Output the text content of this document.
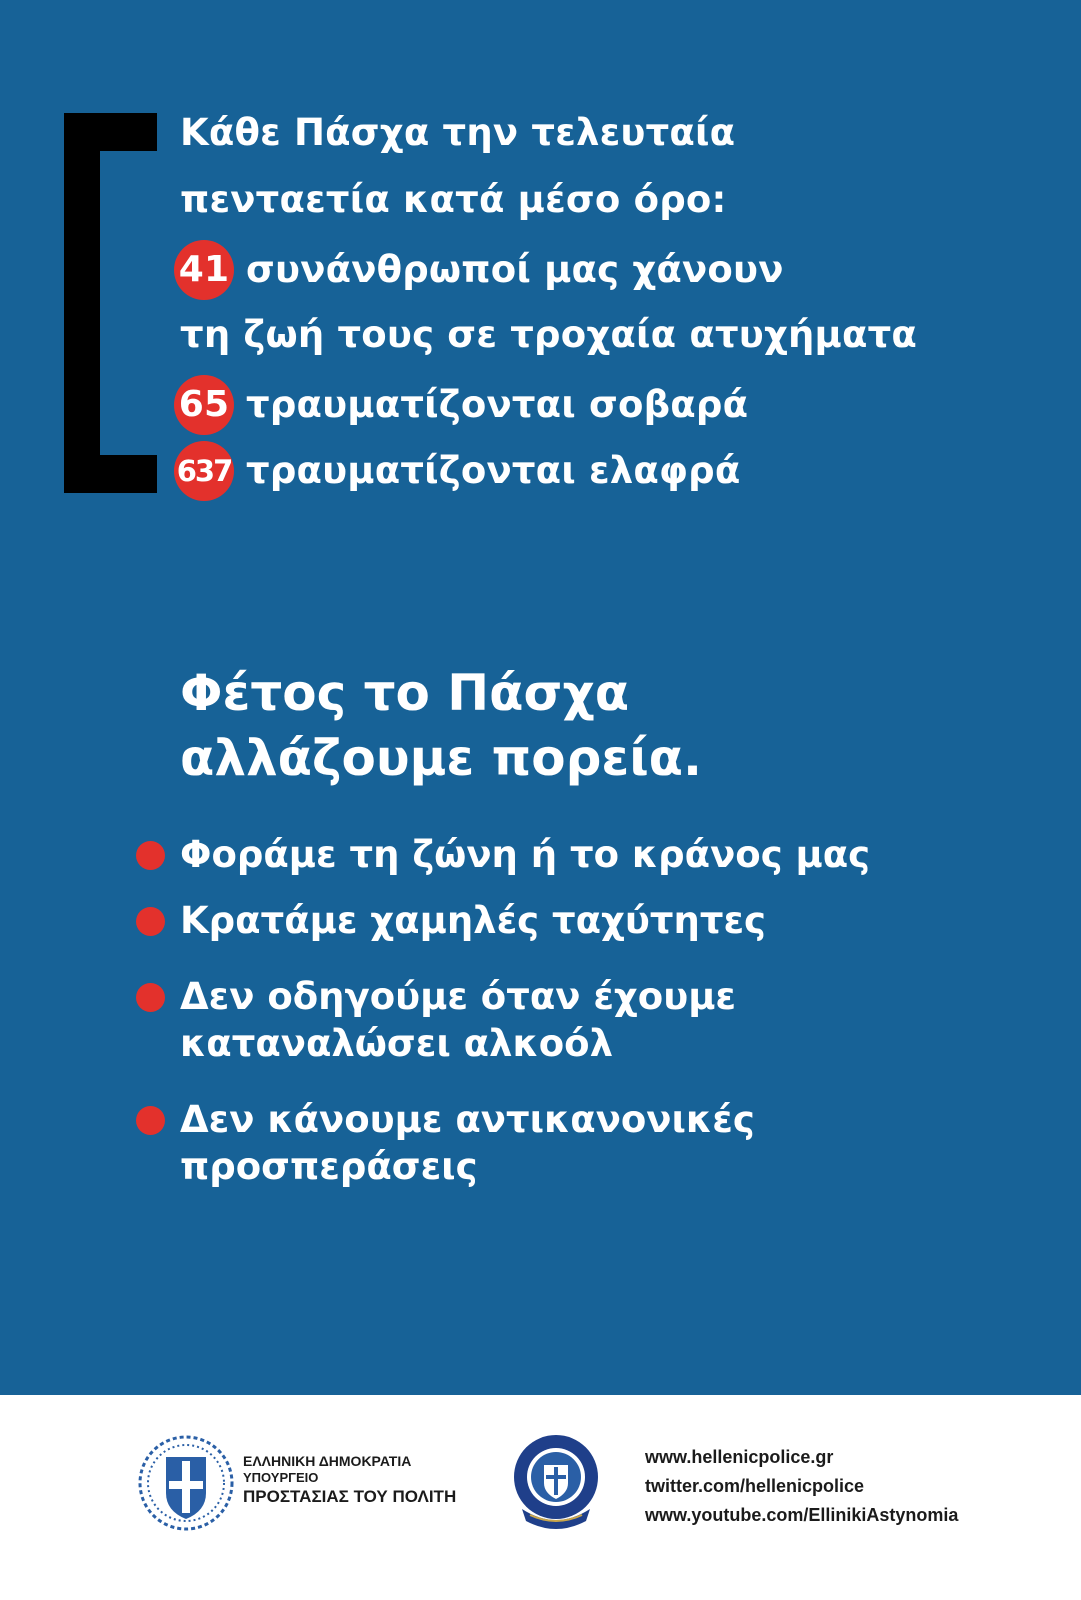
Κάθε Πάσχα την τελευταία
πενταετία κατά μέσο όρο:
41 συνάνθρωποί μας χάνουν
τη ζωή τους σε τροχαία ατυχήματα
65 τραυματίζονται σοβαρά
637 τραυματίζονται ελαφρά
Φέτος το Πάσχα
αλλάζουμε πορεία.
Φοράμε τη ζώνη ή το κράνος μας
Κρατάμε χαμηλές ταχύτητες
Δεν οδηγούμε όταν έχουμε
καταναλώσει αλκοόλ
Δεν κάνουμε αντικανονικές
προσπεράσεις
ΕΛΛΗΝΙΚΗ ΔΗΜΟΚΡΑΤΙΑ
ΥΠΟΥΡΓΕΙΟ
ΠΡΟΣΤΑΣΙΑΣ ΤΟΥ ΠΟΛΙΤΗ
www.hellenicpolice.gr
twitter.com/hellenicpolice
www.youtube.com/EllinikiAstynomia
